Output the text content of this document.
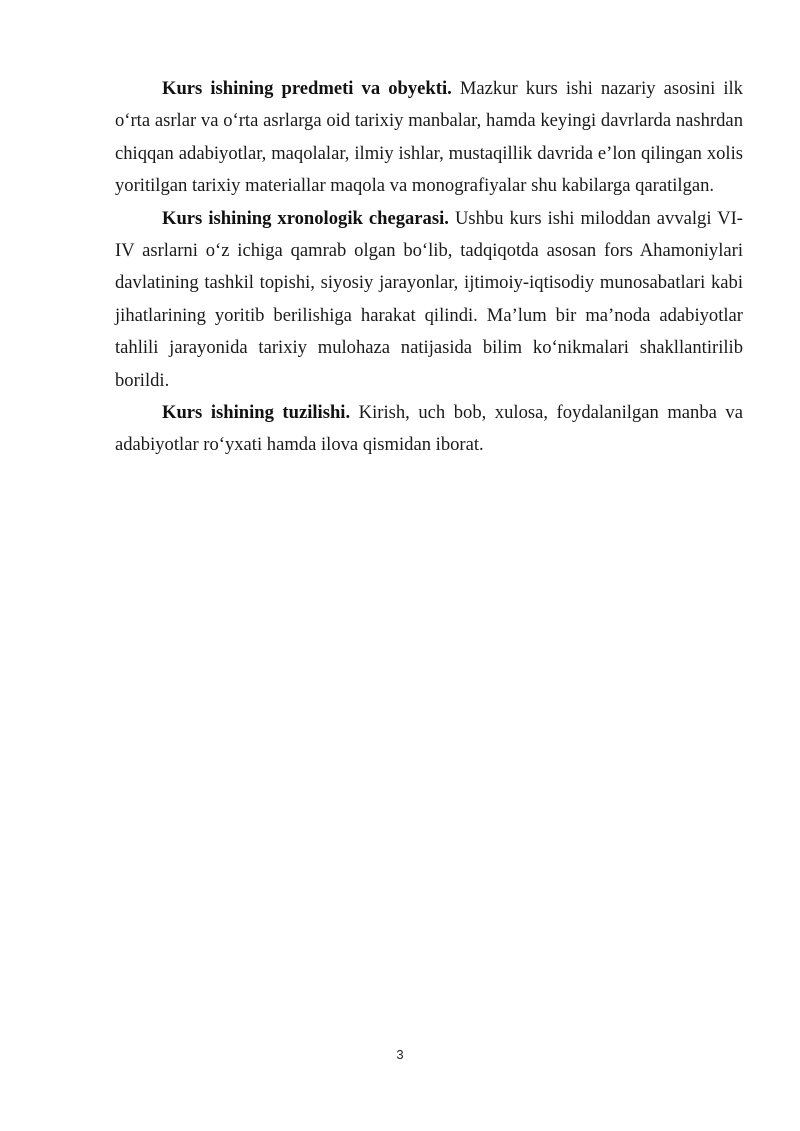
Kurs ishining predmeti va obyekti. Mazkur kurs ishi nazariy asosini ilk o‘rta asrlar va o‘rta asrlarga oid tarixiy manbalar, hamda keyingi davrlarda nashrdan chiqqan adabiyotlar, maqolalar, ilmiy ishlar, mustaqillik davrida e’lon qilingan xolis yoritilgan tarixiy materiallar maqola va monografiyalar shu kabilarga qaratilgan.

Kurs ishining xronologik chegarasi. Ushbu kurs ishi miloddan avvalgi VI-IV asrlarni o‘z ichiga qamrab olgan bo‘lib, tadqiqotda asosan fors Ahamoniylari davlatining tashkil topishi, siyosiy jarayonlar, ijtimoiy-iqtisodiy munosabatlari kabi jihatlarining yoritib berilishiga harakat qilindi. Ma’lum bir ma’noda adabiyotlar tahlili jarayonida tarixiy mulohaza natijasida bilim ko‘nikmalari shakllantirilib borildi.

Kurs ishining tuzilishi. Kirish, uch bob, xulosa, foydalanilgan manba va adabiyotlar ro‘yxati hamda ilova qismidan iborat.

3
